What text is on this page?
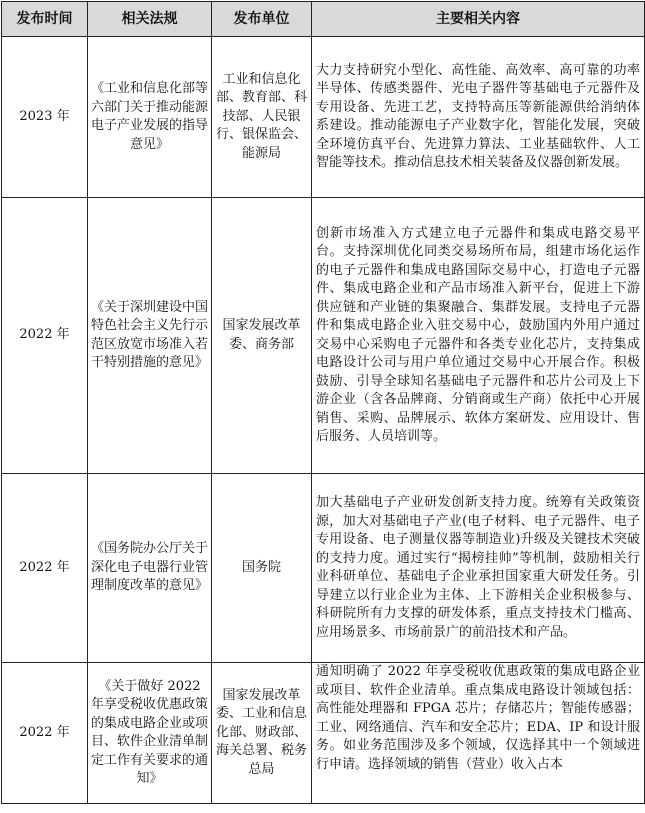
发布时间	相关法规	发布单位	主要相关内容
2023 年	《工业和信息化部等六部门关于推动能源电子产业发展的指导意见》	工业和信息化部、教育部、科技部、人民银行、银保监会、能源局	大力支持研究小型化、高性能、高效率、高可靠的功率半导体、传感类器件、光电子器件等基础电子元器件及专用设备、先进工艺，支持特高压等新能源供给消纳体系建设。推动能源电子产业数字化，智能化发展，突破全环境仿真平台、先进算力算法、工业基础软件、人工智能等技术。推动信息技术相关装备及仪器创新发展。
2022 年	《关于深圳建设中国特色社会主义先行示范区放宽市场准入若干特别措施的意见》	国家发展改革委、商务部	创新市场准入方式建立电子元器件和集成电路交易平台。支持深圳优化同类交易场所布局，组建市场化运作的电子元器件和集成电路国际交易中心，打造电子元器件、集成电路企业和产品市场准入新平台，促进上下游供应链和产业链的集聚融合、集群发展。支持电子元器件和集成电路企业入驻交易中心，鼓励国内外用户通过交易中心采购电子元器件和各类专业化芯片，支持集成电路设计公司与用户单位通过交易中心开展合作。积极鼓励、引导全球知名基础电子元器件和芯片公司及上下游企业（含各品牌商、分销商或生产商）依托中心开展销售、采购、品牌展示、软体方案研发、应用设计、售后服务、人员培训等。
2022 年	《国务院办公厅关于深化电子电器行业管理制度改革的意见》	国务院	加大基础电子产业研发创新支持力度。统筹有关政策资源，加大对基础电子产业(电子材料、电子元器件、电子专用设备、电子测量仪器等制造业)升级及关键技术突破的支持力度。通过实行“揭榜挂帅”等机制，鼓励相关行业科研单位、基础电子企业承担国家重大研发任务。引导建立以行业企业为主体、上下游相关企业积极参与、科研院所有力支撑的研发体系，重点支持技术门槛高、应用场景多、市场前景广的前沿技术和产品。
2022 年	《关于做好 2022 年享受税收优惠政策的集成电路企业或项目、软件企业清单制定工作有关要求的通知》	国家发展改革委、工业和信息化部、财政部、海关总署、税务总局	通知明确了 2022 年享受税收优惠政策的集成电路企业或项目、软件企业清单。重点集成电路设计领域包括：高性能处理器和 FPGA 芯片；存储芯片；智能传感器；工业、网络通信、汽车和安全芯片；EDA、IP 和设计服务。如业务范围涉及多个领域，仅选择其中一个领域进行申请。选择领域的销售（营业）收入占本
